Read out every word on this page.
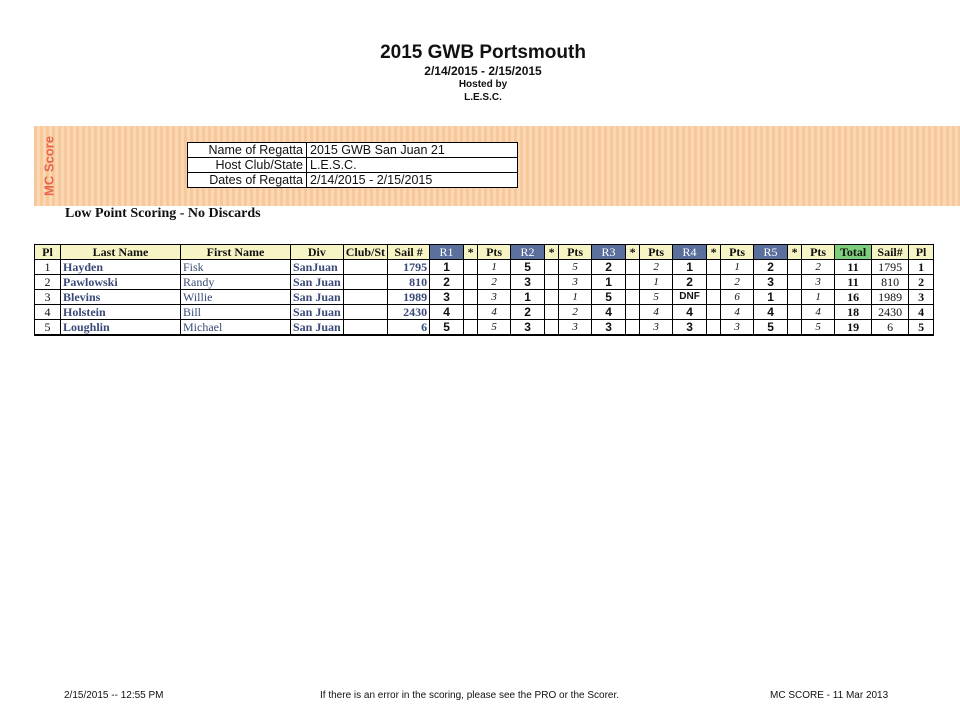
2015 GWB Portsmouth
2/14/2015 - 2/15/2015
Hosted by
L.E.S.C.
MC Score	Name of Regatta	2015 GWB San Juan 21
Host Club/State	L.E.S.C.
Dates of Regatta	2/14/2015 - 2/15/2015
Low Point Scoring - No Discards
Pl	Last Name	First Name	Div	Club/St	Sail #	R1	*	Pts	R2	*	Pts	R3	*	Pts	R4	*	Pts	R5	*	Pts	Total	Sail#	Pl
1	Hayden	Fisk	SanJuan		1795	1		1	5		5	2		2	1		1	2		2	11	1795	1
2	Pawlowski	Randy	San Juan		810	2		2	3		3	1		1	2		2	3		3	11	810	2
3	Blevins	Willie	San Juan		1989	3		3	1		1	5		5	DNF		6	1		1	16	1989	3
4	Holstein	Bill	San Juan		2430	4		4	2		2	4		4	4		4	4		4	18	2430	4
5	Loughlin	Michael	San Juan		6	5		5	3		3	3		3	3		3	5		5	19	6	5
2/15/2015 -- 12:55 PM	If there is an error in the scoring, please see the PRO or the Scorer.	MC SCORE - 11 Mar 2013
